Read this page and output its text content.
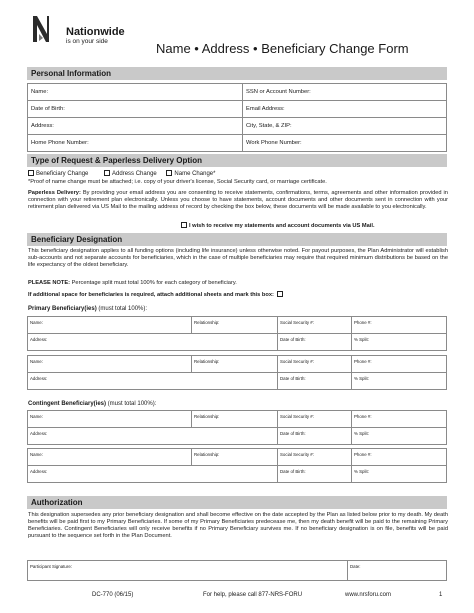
Nationwide
is on your side	Name • Address • Beneficiary Change Form
Personal Information
Name:	SSN or Account Number:
Date of Birth:	Email Address:
Address:	City, State, & ZIP:
Home Phone Number:	Work Phone Number:
Type of Request & Paperless Delivery Option
Beneficiary Change	Address Change	Name Change*
*Proof of name change must be attached; i.e. copy of your driver's license, Social Security card, or marriage certificate.
Paperless Delivery: By providing your email address you are consenting to receive statements, confirmations, terms, agreements and other information provided in connection with your retirement plan electronically. Unless you choose to have statements, account documents and other documents sent in connection with your retirement plan delivered via US Mail to the mailing address of record by checking the box below, these documents will be made available to you electronically.
I wish to receive my statements and account documents via US Mail.
Beneficiary Designation
This beneficiary designation applies to all funding options (including life insurance) unless otherwise noted. For payout purposes, the Plan Administrator will establish sub-accounts and not separate accounts for beneficiaries, which in the case of multiple beneficiaries may require that required minimum distributions be based on the life expectancy of the oldest beneficiary.
PLEASE NOTE: Percentage split must total 100% for each category of beneficiary.
If additional space for beneficiaries is required, attach additional sheets and mark this box:
Primary Beneficiary(ies) (must total 100%):
Name:	Relationship:	Social Security #:	Phone #:
Address:		Date of Birth:	% Split:
Name:	Relationship:	Social Security #:	Phone #:
Address:		Date of Birth:	% Split:
Contingent Beneficiary(ies) (must total 100%):
Name:	Relationship:	Social Security #:	Phone #:
Address:		Date of Birth:	% Split:
Name:	Relationship:	Social Security #:	Phone #:
Address:		Date of Birth:	% Split:
Authorization
This designation supersedes any prior beneficiary designation and shall become effective on the date accepted by the Plan as listed below prior to my death. My death benefits will be paid first to my Primary Beneficiaries. If some of my Primary Beneficiaries predecease me, then my death benefit will be paid to the remaining Primary Beneficiaries. Contingent Beneficiaries will only receive benefits if no Primary Beneficiary survives me. If no beneficiary designation is on file, benefits will be paid pursuant to the sequence set forth in the Plan Document.
Participant Signature:	Date:
DC-770 (06/15)	For help, please call 877-NRS-FORU	www.nrsforu.com	1
